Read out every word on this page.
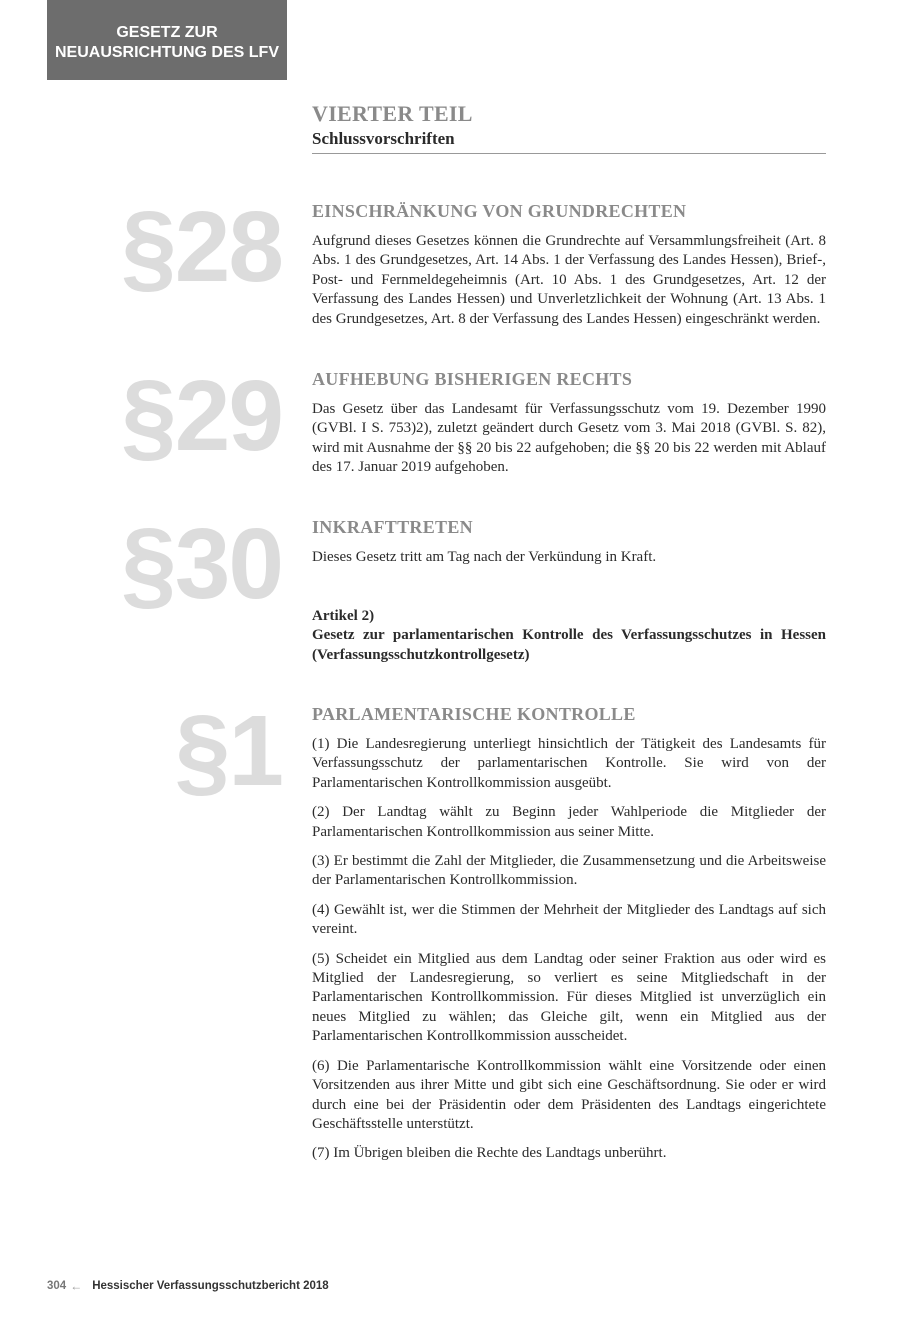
GESETZ ZUR
NEUAUSRICHTUNG DES LFV
VIERTER TEIL
Schlussvorschriften
§28 EINSCHRÄNKUNG VON GRUNDRECHTEN

Aufgrund dieses Gesetzes können die Grundrechte auf Versammlungsfreiheit (Art. 8 Abs. 1 des Grundgesetzes, Art. 14 Abs. 1 der Verfassung des Landes Hessen), Brief-, Post- und Fernmeldegeheimnis (Art. 10 Abs. 1 des Grundgesetzes, Art. 12 der Verfassung des Landes Hessen) und Unverletzlichkeit der Wohnung (Art. 13 Abs. 1 des Grundgesetzes, Art. 8 der Verfassung des Landes Hessen) eingeschränkt werden.

§29 AUFHEBUNG BISHERIGEN RECHTS

Das Gesetz über das Landesamt für Verfassungsschutz vom 19. Dezember 1990 (GVBl. I S. 753)2), zuletzt geändert durch Gesetz vom 3. Mai 2018 (GVBl. S. 82), wird mit Ausnahme der §§ 20 bis 22 aufgehoben; die §§ 20 bis 22 werden mit Ablauf des 17. Januar 2019 aufgehoben.

§30 INKRAFTTRETEN

Dieses Gesetz tritt am Tag nach der Verkündung in Kraft.

Artikel 2)
Gesetz zur parlamentarischen Kontrolle des Verfassungsschutzes in Hessen (Verfassungsschutzkontrollgesetz)
§1 PARLAMENTARISCHE KONTROLLE

(1) Die Landesregierung unterliegt hinsichtlich der Tätigkeit des Landesamts für Verfassungsschutz der parlamentarischen Kontrolle. Sie wird von der Parlamentarischen Kontrollkommission ausgeübt.

(2) Der Landtag wählt zu Beginn jeder Wahlperiode die Mitglieder der Parlamentarischen Kontrollkommission aus seiner Mitte.

(3) Er bestimmt die Zahl der Mitglieder, die Zusammensetzung und die Arbeitsweise der Parlamentarischen Kontrollkommission.

(4) Gewählt ist, wer die Stimmen der Mehrheit der Mitglieder des Landtags auf sich vereint.

(5) Scheidet ein Mitglied aus dem Landtag oder seiner Fraktion aus oder wird es Mitglied der Landesregierung, so verliert es seine Mitgliedschaft in der Parlamentarischen Kontrollkommission. Für dieses Mitglied ist unverzüglich ein neues Mitglied zu wählen; das Gleiche gilt, wenn ein Mitglied aus der Parlamentarischen Kontrollkommission ausscheidet.

(6) Die Parlamentarische Kontrollkommission wählt eine Vorsitzende oder einen Vorsitzenden aus ihrer Mitte und gibt sich eine Geschäftsordnung. Sie oder er wird durch eine bei der Präsidentin oder dem Präsidenten des Landtags eingerichtete Geschäftsstelle unterstützt.

(7) Im Übrigen bleiben die Rechte des Landtags unberührt.

304 ← Hessischer Verfassungsschutzbericht 2018
